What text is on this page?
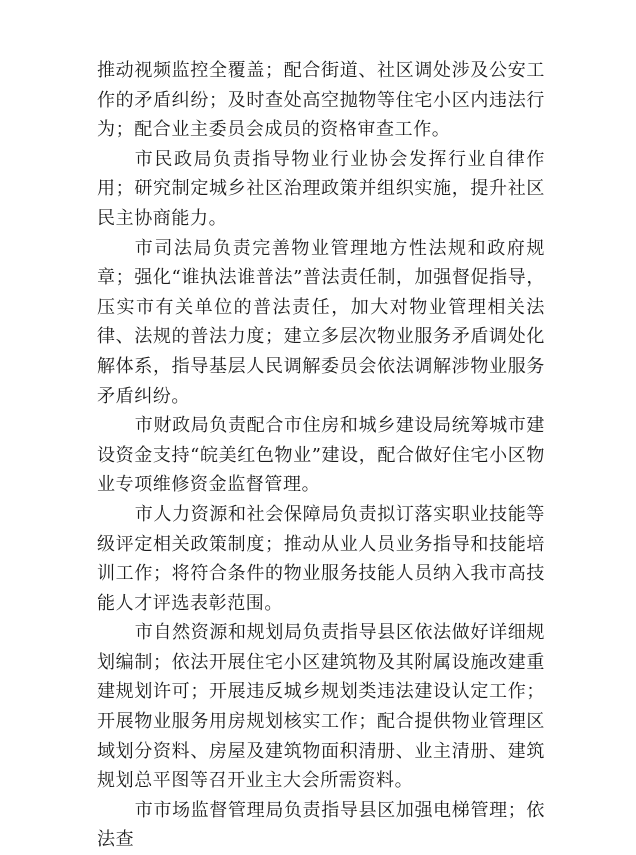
推动视频监控全覆盖；配合街道、社区调处涉及公安工作的矛盾纠纷；及时查处高空抛物等住宅小区内违法行为；配合业主委员会成员的资格审查工作。

市民政局负责指导物业行业协会发挥行业自律作用；研究制定城乡社区治理政策并组织实施，提升社区民主协商能力。

市司法局负责完善物业管理地方性法规和政府规章；强化“谁执法谁普法”普法责任制，加强督促指导，压实市有关单位的普法责任，加大对物业管理相关法律、法规的普法力度；建立多层次物业服务矛盾调处化解体系，指导基层人民调解委员会依法调解涉物业服务矛盾纠纷。

市财政局负责配合市住房和城乡建设局统筹城市建设资金支持“皖美红色物业”建设，配合做好住宅小区物业专项维修资金监督管理。

市人力资源和社会保障局负责拟订落实职业技能等级评定相关政策制度；推动从业人员业务指导和技能培训工作；将符合条件的物业服务技能人员纳入我市高技能人才评选表彰范围。

市自然资源和规划局负责指导县区依法做好详细规划编制；依法开展住宅小区建筑物及其附属设施改建重建规划许可；开展违反城乡规划类违法建设认定工作；开展物业服务用房规划核实工作；配合提供物业管理区域划分资料、房屋及建筑物面积清册、业主清册、建筑规划总平图等召开业主大会所需资料。

市市场监督管理局负责指导县区加强电梯管理；依法查
